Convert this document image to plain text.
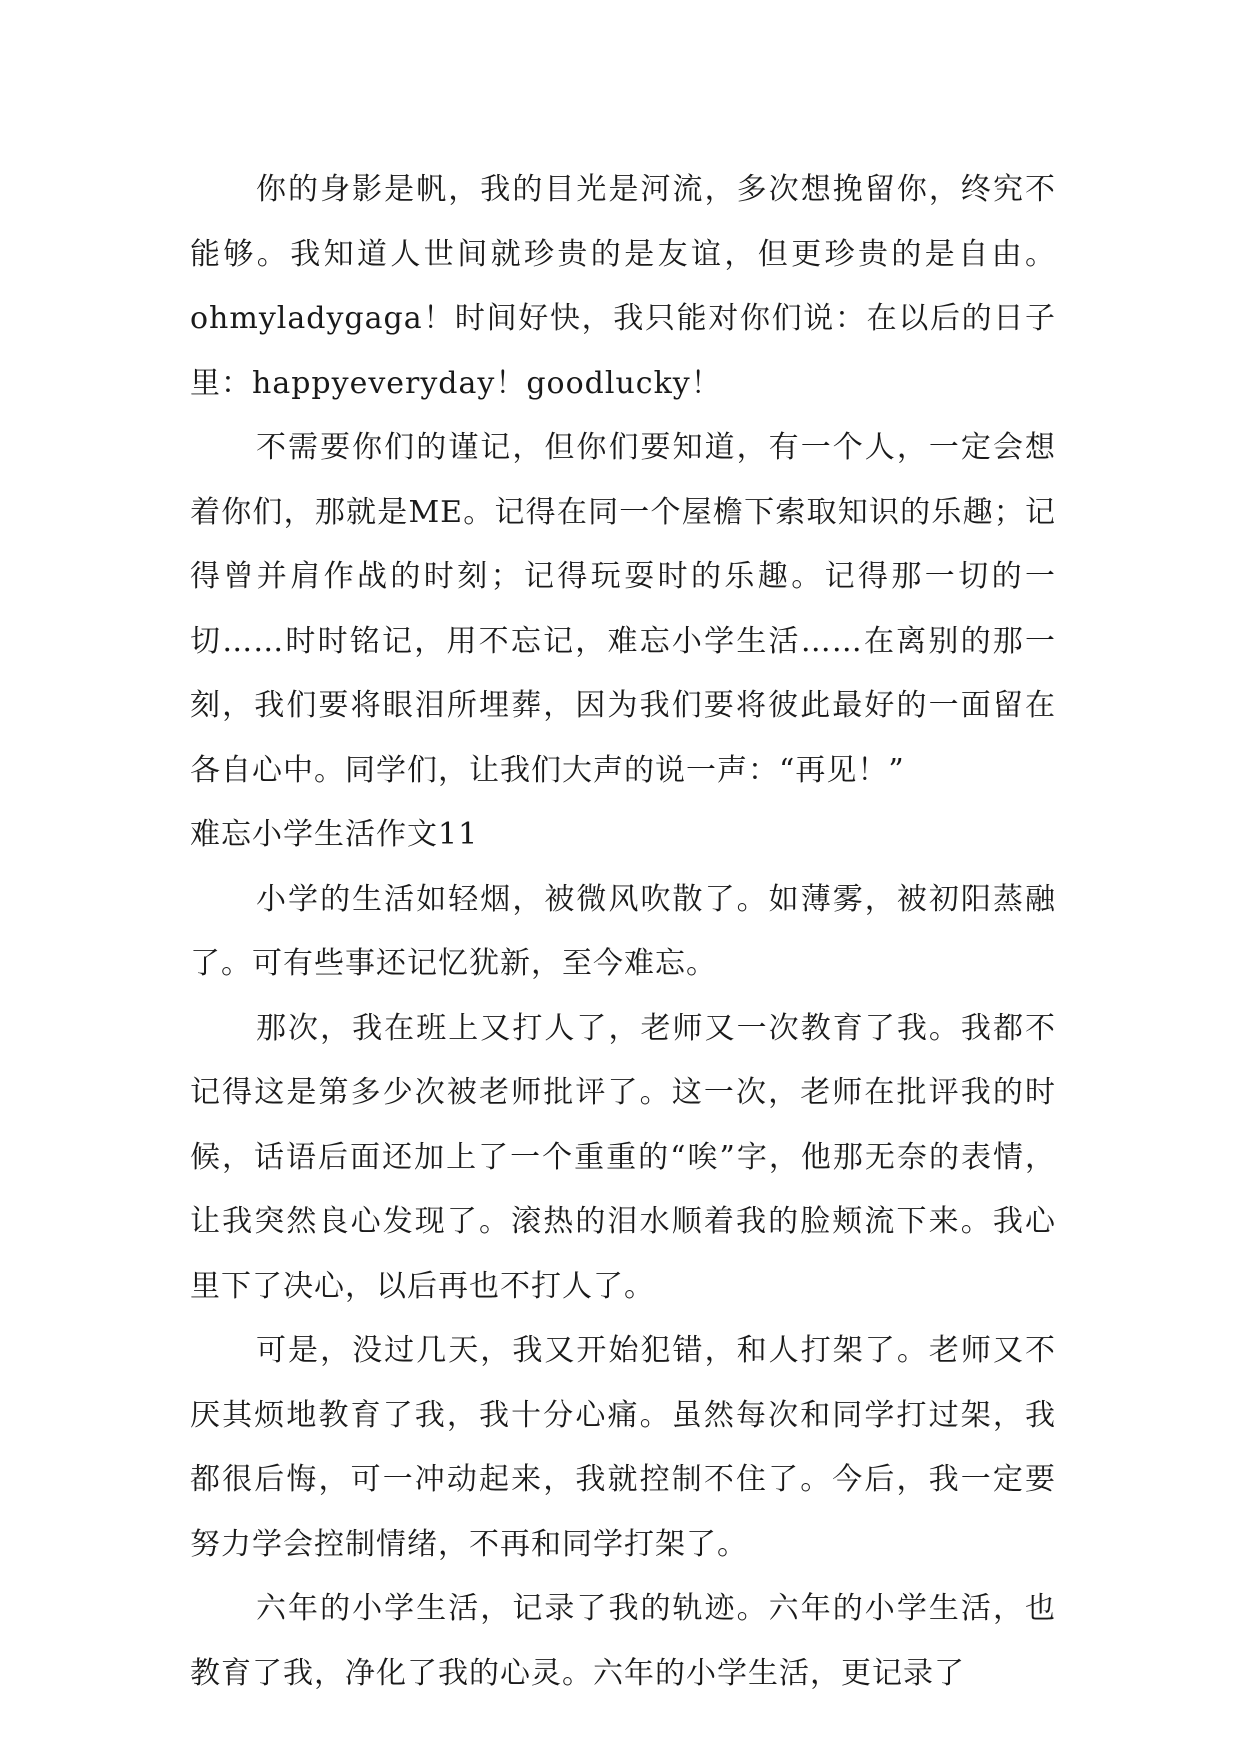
你的身影是帆，我的目光是河流，多次想挽留你，终究不能够。我知道人世间就珍贵的是友谊，但更珍贵的是自由。ohmyladygaga！时间好快，我只能对你们说：在以后的日子里：happyeveryday！goodlucky！

不需要你们的谨记，但你们要知道，有一个人，一定会想着你们，那就是ME。记得在同一个屋檐下索取知识的乐趣；记得曾并肩作战的时刻；记得玩耍时的乐趣。记得那一切的一切……时时铭记，用不忘记，难忘小学生活……在离别的那一刻，我们要将眼泪所埋葬，因为我们要将彼此最好的一面留在各自心中。同学们，让我们大声的说一声：“再见！”

难忘小学生活作文11

小学的生活如轻烟，被微风吹散了。如薄雾，被初阳蒸融了。可有些事还记忆犹新，至今难忘。

那次，我在班上又打人了，老师又一次教育了我。我都不记得这是第多少次被老师批评了。这一次，老师在批评我的时候，话语后面还加上了一个重重的“唉”字，他那无奈的表情，让我突然良心发现了。滚热的泪水顺着我的脸颊流下来。我心里下了决心，以后再也不打人了。

可是，没过几天，我又开始犯错，和人打架了。老师又不厌其烦地教育了我，我十分心痛。虽然每次和同学打过架，我都很后悔，可一冲动起来，我就控制不住了。今后，我一定要努力学会控制情绪，不再和同学打架了。

六年的小学生活，记录了我的轨迹。六年的小学生活，也教育了我，净化了我的心灵。六年的小学生活，更记录了
